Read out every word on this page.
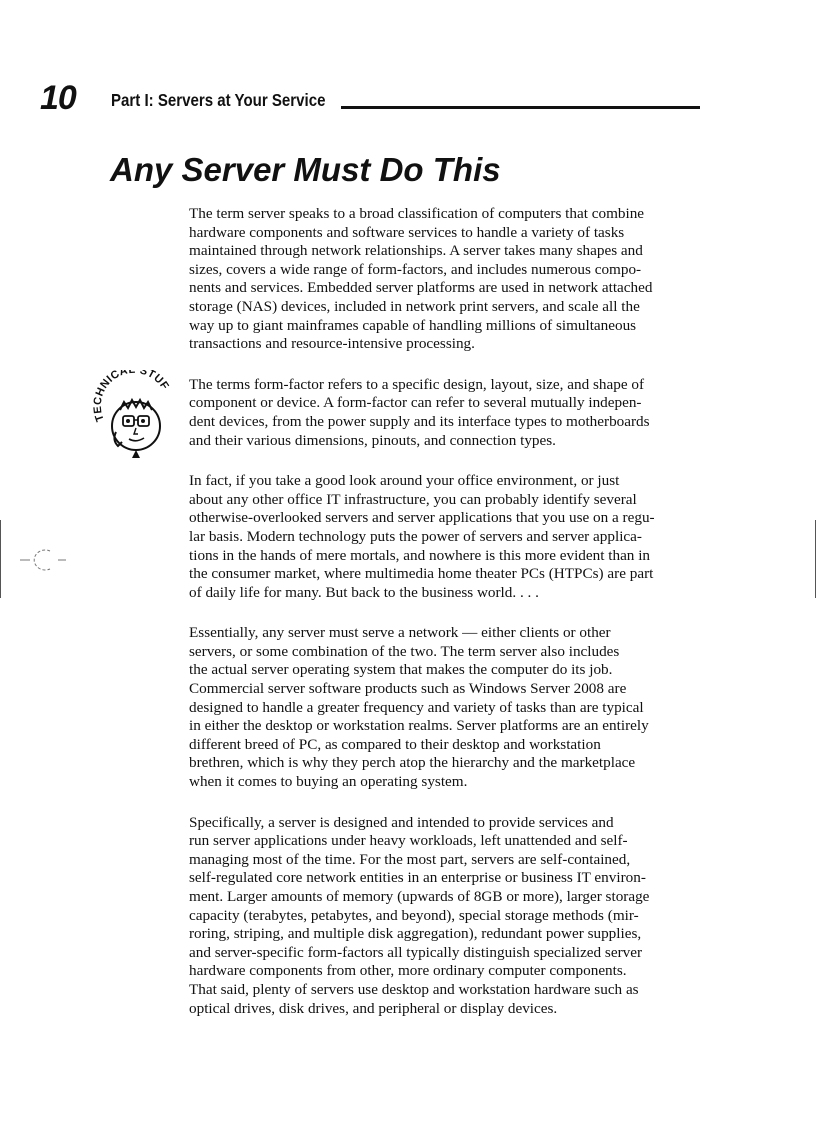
10 Part I: Servers at Your Service
Any Server Must Do This
TECHNICA STUF
The term server speaks to a broad classification of computers that combine
hardware components and software services to handle a variety of tasks
maintained through network relationships. A server takes many shapes and
sizes, covers a wide range of form-factors, and includes numerous compo-
nents and services. Embedded server platforms are used in network attached
storage (NAS) devices, included in network print servers, and scale all the
way up to giant mainframes capable of handling millions of simultaneous
transactions and resource-intensive processing.
The terms form-factor refers to a specific design, layout, size, and shape of
component or device. A form-factor can refer to several mutually indepen-
dent devices, from the power supply and its interface types to motherboards
and their various dimensions, pinouts, and connection types.
In fact, if you take a good look around your office environment, or just
about any other office IT infrastructure, you can probably identify several
otherwise-overlooked servers and server applications that you use on a regu-
lar basis. Modern technology puts the power of servers and server applica-
tions in the hands of mere mortals, and nowhere is this more evident than in
the consumer market, where multimedia home theater PCs (HTPCs) are part
of daily life for many. But back to the business world. . . .
Essentially, any server must serve a network — either clients or other
servers, or some combination of the two. The term server also includes
the actual server operating system that makes the computer do its job.
Commercial server software products such as Windows Server 2008 are
designed to handle a greater frequency and variety of tasks than are typical
in either the desktop or workstation realms. Server platforms are an entirely
different breed of PC, as compared to their desktop and workstation
brethren, which is why they perch atop the hierarchy and the marketplace
when it comes to buying an operating system.
Specifically, a server is designed and intended to provide services and
run server applications under heavy workloads, left unattended and self-
managing most of the time. For the most part, servers are self-contained,
self-regulated core network entities in an enterprise or business IT environ-
ment. Larger amounts of memory (upwards of 8GB or more), larger storage
capacity (terabytes, petabytes, and beyond), special storage methods (mir-
roring, striping, and multiple disk aggregation), redundant power supplies,
and server-specific form-factors all typically distinguish specialized server
hardware components from other, more ordinary computer components.
That said, plenty of servers use desktop and workstation hardware such as
optical drives, disk drives, and peripheral or display devices.
